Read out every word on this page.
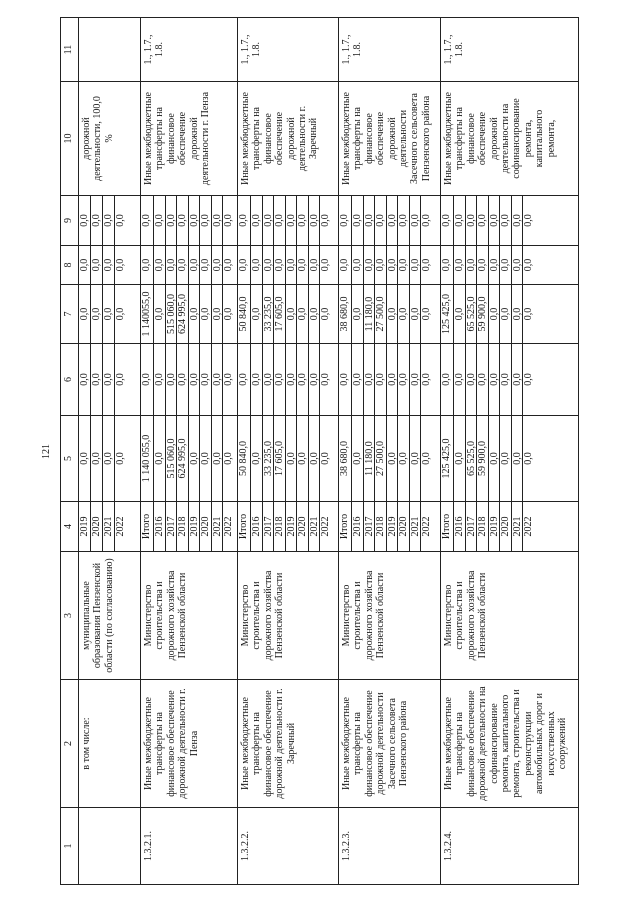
121
1
2
3
4
5
6
7
8
9
10
11
в том числе:
муниципальные образования Пензенской области (по согласованию)
2019
0,0
0,0
0,0
0,0
0,0
2020
0,0
0,0
0,0
0,0
0,0
2021
0,0
0,0
0,0
0,0
0,0
2022
0,0
0,0
0,0
0,0
0,0
дорожной деятельности, 100,0 %
1.3.2.1.
Иные межбюджетные трансферты на финансовое обеспечение дорожной деятельности г. Пенза
Министерство строительства и дорожного хозяйства Пензенской области
Итого
1 140 055,0
0,0
1 140055,0
0,0
0,0
2016
0,0
0,0
0,0
0,0
0,0
2017
515 060,0
0,0
515 060,0
0,0
0,0
2018
624 995,0
0,0
624 995,0
0,0
0,0
2019
0,0
0,0
0,0
0,0
0,0
2020
0,0
0,0
0,0
0,0
0,0
2021
0,0
0,0
0,0
0,0
0,0
2022
0,0
0,0
0,0
0,0
0,0
Иные межбюджетные трансферты на финансовое обеспечение дорожной деятельности г. Пенза
1., 1.7., 1.8.
1.3.2.2.
Иные межбюджетные трансферты на финансовое обеспечение дорожной деятельности г. Заречный
Министерство строительства и дорожного хозяйства Пензенской области
Итого
50 840,0
0,0
50 840,0
0,0
0,0
2016
0,0
0,0
0,0
0,0
0,0
2017
33 235,0
0,0
33 235,0
0,0
0,0
2018
17 605,0
0,0
17 605,0
0,0
0,0
2019
0,0
0,0
0,0
0,0
0,0
2020
0,0
0,0
0,0
0,0
0,0
2021
0,0
0,0
0,0
0,0
0,0
2022
0,0
0,0
0,0
0,0
0,0
Иные межбюджетные трансферты на финансовое обеспечение дорожной деятельности г. Заречный
1., 1.7., 1.8.
1.3.2.3.
Иные межбюджетные трансферты на финансовое обеспечение дорожной деятельности Засечного сельсовета Пензенского района
Министерство строительства и дорожного хозяйства Пензенской области
Итого
38 680,0
0,0
38 680,0
0,0
0,0
2016
0,0
0,0
0,0
0,0
0,0
2017
11 180,0
0,0
11 180,0
0,0
0,0
2018
27 500,0
0,0
27 500,0
0,0
0,0
2019
0,0
0,0
0,0
0,0
0,0
2020
0,0
0,0
0,0
0,0
0,0
2021
0,0
0,0
0,0
0,0
0,0
2022
0,0
0,0
0,0
0,0
0,0
Иные межбюджетные трансферты на финансовое обеспечение дорожной деятельности Засечного сельсовета Пензенского района
1., 1.7., 1.8.
1.3.2.4.
Иные межбюджетные трансферты на финансовое обеспечение дорожной деятельности на софинансирование ремонта, капитального ремонта, строительства и реконструкции автомобильных дорог и искусственных сооружений
Министерство строительства и дорожного хозяйства Пензенской области
Итого
125 425,0
0,0
125 425,0
0,0
0,0
2016
0,0
0,0
0,0
0,0
0,0
2017
65 525,0
0,0
65 525,0
0,0
0,0
2018
59 900,0
0,0
59 900,0
0,0
0,0
2019
0,0
0,0
0,0
0,0
0,0
2020
0,0
0,0
0,0
0,0
0,0
2021
0,0
0,0
0,0
0,0
0,0
2022
0,0
0,0
0,0
0,0
0,0
Иные межбюджетные трансферты на финансовое обеспечение дорожной деятельности на софинансирование ремонта, капитального ремонта,
1., 1.7., 1.8.
